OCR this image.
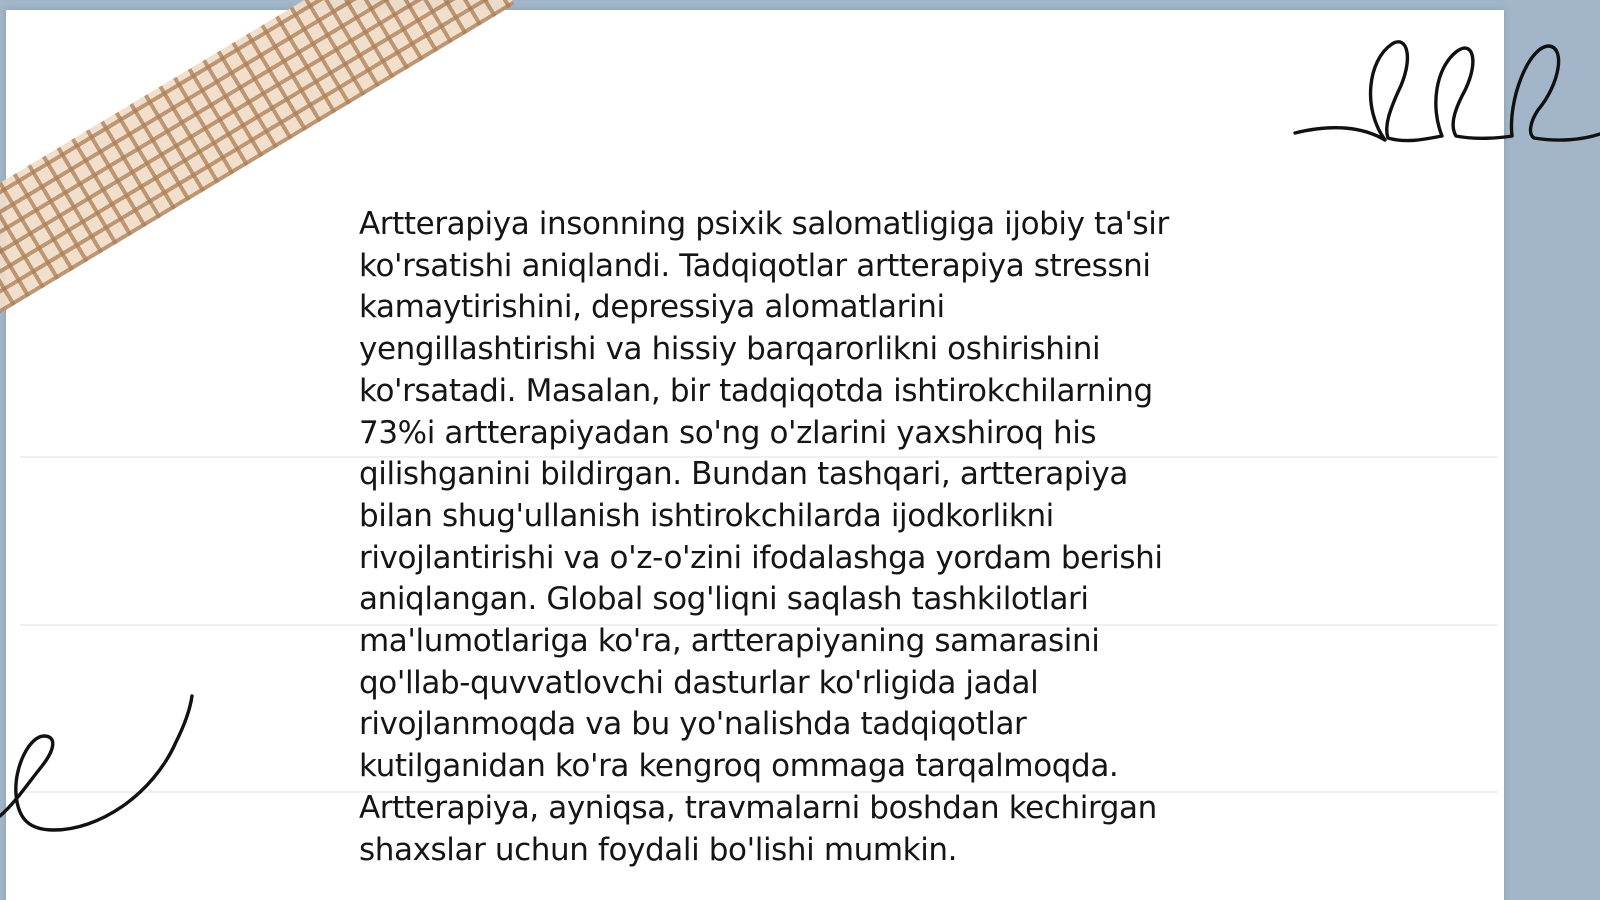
Artterapiya insonning psixik salomatligiga ijobiy ta'sir
ko'rsatishi aniqlandi. Tadqiqotlar artterapiya stressni
kamaytirishini, depressiya alomatlarini
yengillashtirishi va hissiy barqarorlikni oshirishini
ko'rsatadi. Masalan, bir tadqiqotda ishtirokchilarning
73%i artterapiyadan so'ng o'zlarini yaxshiroq his
qilishganini bildirgan. Bundan tashqari, artterapiya
bilan shug'ullanish ishtirokchilarda ijodkorlikni
rivojlantirishi va o'z-o'zini ifodalashga yordam berishi
aniqlangan. Global sog'liqni saqlash tashkilotlari
ma'lumotlariga ko'ra, artterapiyaning samarasini
qo'llab-quvvatlovchi dasturlar ko'rligida jadal
rivojlanmoqda va bu yo'nalishda tadqiqotlar
kutilganidan ko'ra kengroq ommaga tarqalmoqda.
Artterapiya, ayniqsa, travmalarni boshdan kechirgan
shaxslar uchun foydali bo'lishi mumkin.
